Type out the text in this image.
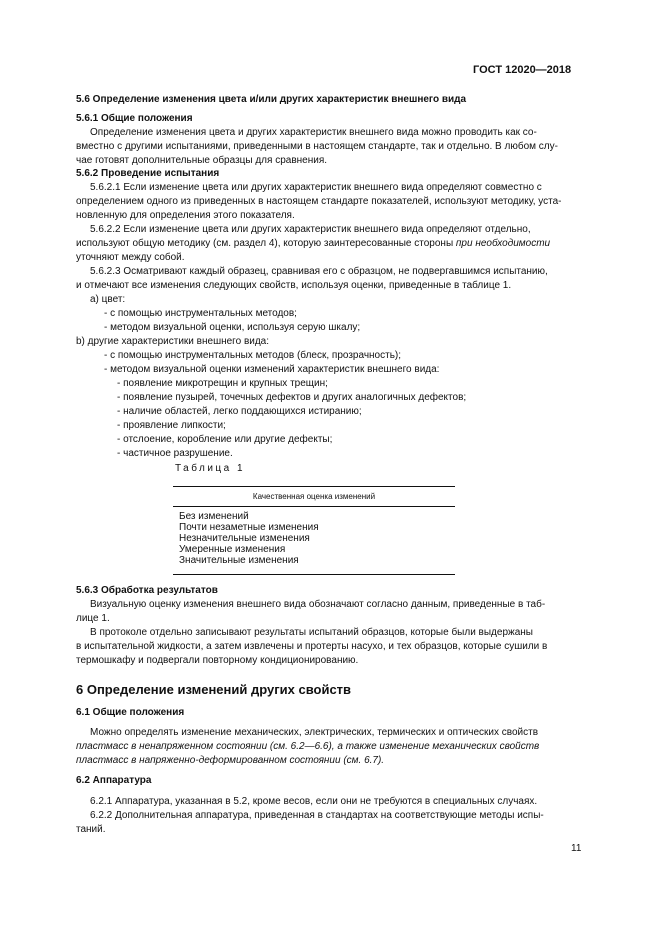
ГОСТ 12020—2018
5.6 Определение изменения цвета и/или других характеристик внешнего вида
5.6.1 Общие положения
Определение изменения цвета и других характеристик внешнего вида можно проводить как со-
вместно с другими испытаниями, приведенными в настоящем стандарте, так и отдельно. В любом слу-
чае готовят дополнительные образцы для сравнения.
5.6.2 Проведение испытания
5.6.2.1 Если изменение цвета или других характеристик внешнего вида определяют совместно с
определением одного из приведенных в настоящем стандарте показателей, используют методику, уста-
новленную для определения этого показателя.
5.6.2.2 Если изменение цвета или других характеристик внешнего вида определяют отдельно,
используют общую методику (см. раздел 4), которую заинтересованные стороны при необходимости
уточняют между собой.
5.6.2.3 Осматривают каждый образец, сравнивая его с образцом, не подвергавшимся испытанию,
и отмечают все изменения следующих свойств, используя оценки, приведенные в таблице 1.
а) цвет:
- с помощью инструментальных методов;
- методом визуальной оценки, используя серую шкалу;
b) другие характеристики внешнего вида:
- с помощью инструментальных методов (блеск, прозрачность);
- методом визуальной оценки изменений характеристик внешнего вида:
- появление микротрещин и крупных трещин;
- появление пузырей, точечных дефектов и других аналогичных дефектов;
- наличие областей, легко поддающихся истиранию;
- проявление липкости;
- отслоение, коробление или другие дефекты;
- частичное разрушение.
Таблица 1
Качественная оценка изменений
Без изменений
Почти незаметные изменения
Незначительные изменения
Умеренные изменения
Значительные изменения
5.6.3 Обработка результатов
Визуальную оценку изменения внешнего вида обозначают согласно данным, приведенные в таб-
лице 1.
В протоколе отдельно записывают результаты испытаний образцов, которые были выдержаны
в испытательной жидкости, а затем извлечены и протерты насухо, и тех образцов, которые сушили в
термошкафу и подвергали повторному кондиционированию.
6 Определение изменений других свойств
6.1 Общие положения
Можно определять изменение механических, электрических, термических и оптических свойств
пластмасс в ненапряженном состоянии (см. 6.2—6.6), а также изменение механических свойств
пластмасс в напряженно-деформированном состоянии (см. 6.7).
6.2 Аппаратура
6.2.1 Аппаратура, указанная в 5.2, кроме весов, если они не требуются в специальных случаях.
6.2.2 Дополнительная аппаратура, приведенная в стандартах на соответствующие методы испы-
таний.
11
